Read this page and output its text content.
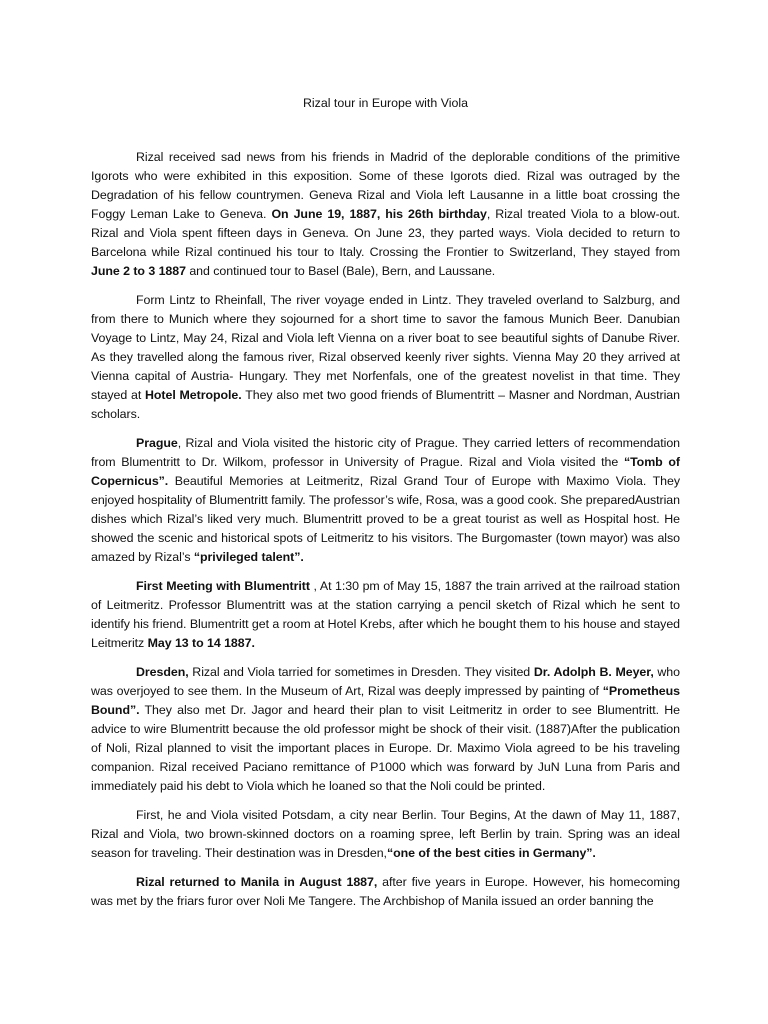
Rizal tour in Europe with Viola

Rizal received sad news from his friends in Madrid of the deplorable conditions of the primitive Igorots who were exhibited in this exposition. Some of these Igorots died. Rizal was outraged by the Degradation of his fellow countrymen. Geneva Rizal and Viola left Lausanne in a little boat crossing the Foggy Leman Lake to Geneva. On June 19, 1887, his 26th birthday, Rizal treated Viola to a blow-out. Rizal and Viola spent fifteen days in Geneva. On June 23, they parted ways. Viola decided to return to Barcelona while Rizal continued his tour to Italy. Crossing the Frontier to Switzerland, They stayed from June 2 to 3 1887 and continued tour to Basel (Bale), Bern, and Laussane.

Form Lintz to Rheinfall, The river voyage ended in Lintz. They traveled overland to Salzburg, and from there to Munich where they sojourned for a short time to savor the famous Munich Beer. Danubian Voyage to Lintz, May 24, Rizal and Viola left Vienna on a river boat to see beautiful sights of Danube River. As they travelled along the famous river, Rizal observed keenly river sights. Vienna May 20 they arrived at Vienna capital of Austria- Hungary. They met Norfenfals, one of the greatest novelist in that time. They stayed at Hotel Metropole. They also met two good friends of Blumentritt – Masner and Nordman, Austrian scholars.

Prague, Rizal and Viola visited the historic city of Prague. They carried letters of recommendation from Blumentritt to Dr. Wilkom, professor in University of Prague. Rizal and Viola visited the “Tomb of Copernicus”. Beautiful Memories at Leitmeritz, Rizal Grand Tour of Europe with Maximo Viola. They enjoyed hospitality of Blumentritt family. The professor’s wife, Rosa, was a good cook. She preparedAustrian dishes which Rizal’s liked very much. Blumentritt proved to be a great tourist as well as Hospital host. He showed the scenic and historical spots of Leitmeritz to his visitors. The Burgomaster (town mayor) was also amazed by Rizal’s “privileged talent”.

First Meeting with Blumentritt , At 1:30 pm of May 15, 1887 the train arrived at the railroad station of Leitmeritz. Professor Blumentritt was at the station carrying a pencil sketch of Rizal which he sent to identify his friend. Blumentritt get a room at Hotel Krebs, after which he bought them to his house and stayed Leitmeritz May 13 to 14 1887.

Dresden, Rizal and Viola tarried for sometimes in Dresden. They visited Dr. Adolph B. Meyer, who was overjoyed to see them. In the Museum of Art, Rizal was deeply impressed by painting of “Prometheus Bound”. They also met Dr. Jagor and heard their plan to visit Leitmeritz in order to see Blumentritt. He advice to wire Blumentritt because the old professor might be shock of their visit. (1887)After the publication of Noli, Rizal planned to visit the important places in Europe. Dr. Maximo Viola agreed to be his traveling companion. Rizal received Paciano remittance of P1000 which was forward by JuN Luna from Paris and immediately paid his debt to Viola which he loaned so that the Noli could be printed.

First, he and Viola visited Potsdam, a city near Berlin. Tour Begins, At the dawn of May 11, 1887, Rizal and Viola, two brown-skinned doctors on a roaming spree, left Berlin by train. Spring was an ideal season for traveling. Their destination was in Dresden,“one of the best cities in Germany”.

Rizal returned to Manila in August 1887, after five years in Europe. However, his homecoming was met by the friars furor over Noli Me Tangere. The Archbishop of Manila issued an order banning the
